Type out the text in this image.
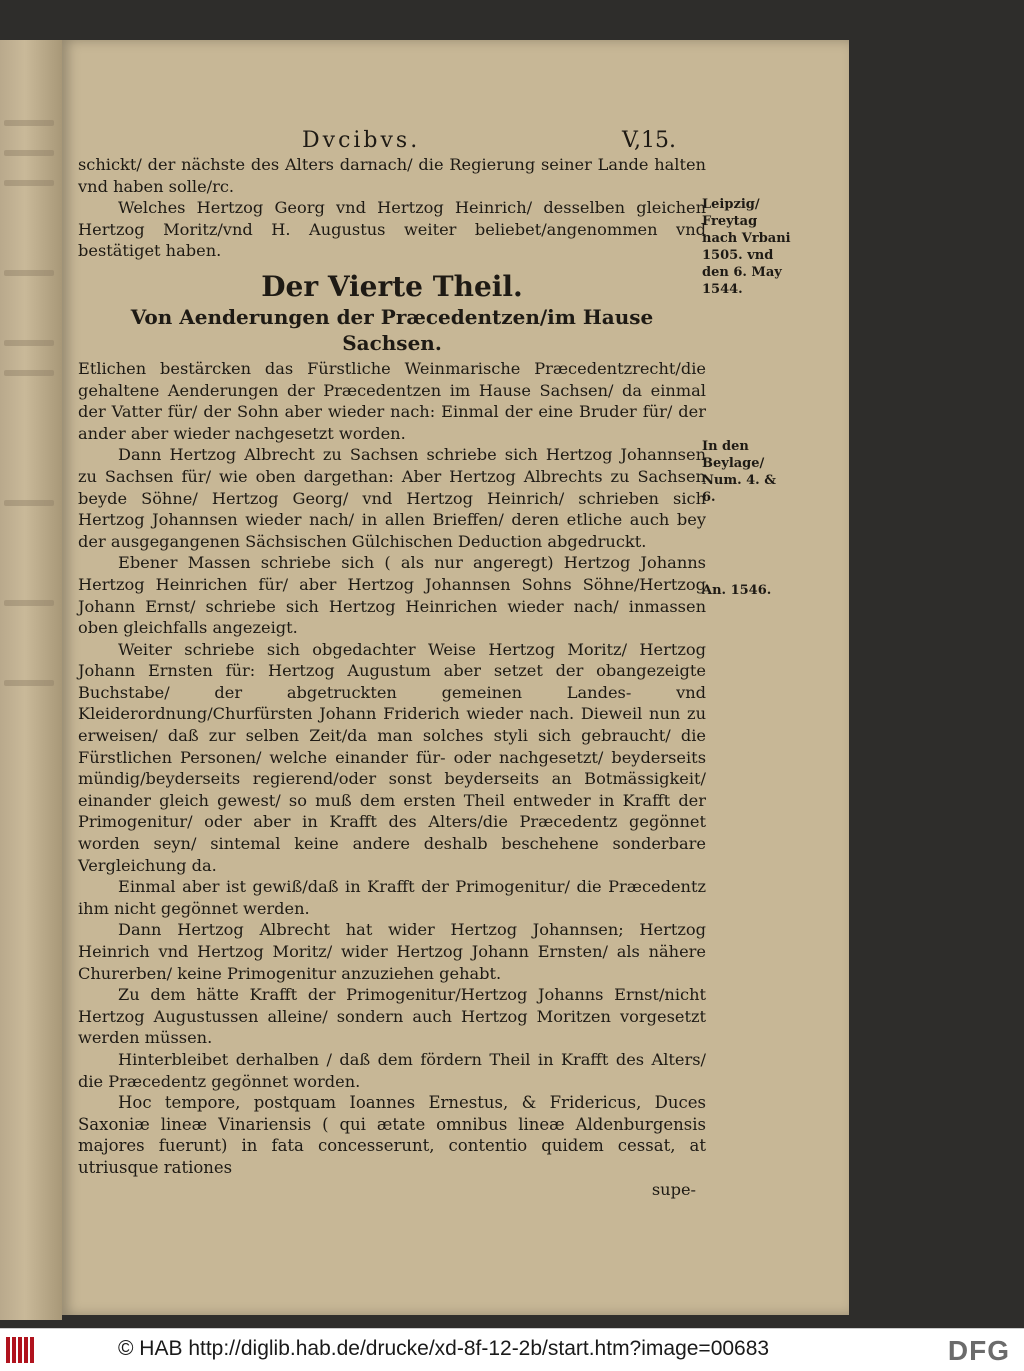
Dvcibvs.	V,15.

schickt/ der nächste des Alters darnach/ die Regierung seiner Lande halten vnd haben solle/rc.

Welches Hertzog Georg vnd Hertzog Heinrich/ desselben gleichen Hertzog Moritz/vnd H. Augustus weiter beliebet/angenommen vnd bestätiget haben.

Der Vierte Theil.
Von Aenderungen der Præcedentzen/im Hause Sachsen.

Etlichen bestärcken das Fürstliche Weinmarische Præcedentzrecht/die gehaltene Aenderungen der Præcedentzen im Hause Sachsen/ da einmal der Vatter für/ der Sohn aber wieder nach: Einmal der eine Bruder für/ der ander aber wieder nachgesetzt worden.

Dann Hertzog Albrecht zu Sachsen schriebe sich Hertzog Johannsen zu Sachsen für/ wie oben dargethan: Aber Hertzog Albrechts zu Sachsen beyde Söhne/ Hertzog Georg/ vnd Hertzog Heinrich/ schrieben sich Hertzog Johannsen wieder nach/ in allen Brieffen/ deren etliche auch bey der ausgegangenen Sächsischen Gülchischen Deduction abgedruckt.

Ebener Massen schriebe sich ( als nur angeregt) Hertzog Johanns Hertzog Heinrichen für/ aber Hertzog Johannsen Sohns Söhne/Hertzog Johann Ernst/ schriebe sich Hertzog Heinrichen wieder nach/ inmassen oben gleichfalls angezeigt.

Weiter schriebe sich obgedachter Weise Hertzog Moritz/ Hertzog Johann Ernsten für: Hertzog Augustum aber setzet der obangezeigte Buchstabe/ der abgetruckten gemeinen Landes- vnd Kleiderordnung/Churfürsten Johann Friderich wieder nach. Dieweil nun zu erweisen/ daß zur selben Zeit/da man solches styli sich gebraucht/ die Fürstlichen Personen/ welche einander für- oder nachgesetzt/ beyderseits mündig/beyderseits regierend/oder sonst beyderseits an Botmässigkeit/ einander gleich gewest/ so muß dem ersten Theil entweder in Krafft der Primogenitur/ oder aber in Krafft des Alters/die Præcedentz gegönnet worden seyn/ sintemal keine andere deshalb beschehene sonderbare Vergleichung da.

Einmal aber ist gewiß/daß in Krafft der Primogenitur/ die Præcedentz ihm nicht gegönnet werden.

Dann Hertzog Albrecht hat wider Hertzog Johannsen; Hertzog Heinrich vnd Hertzog Moritz/ wider Hertzog Johann Ernsten/ als nähere Churerben/ keine Primogenitur anzuziehen gehabt.

Zu dem hätte Krafft der Primogenitur/Hertzog Johanns Ernst/nicht Hertzog Augustussen alleine/ sondern auch Hertzog Moritzen vorgesetzt werden müssen.

Hinterbleibet derhalben / daß dem fördern Theil in Krafft des Alters/ die Præcedentz gegönnet worden.

Hoc tempore, postquam Ioannes Ernestus, & Fridericus, Duces Saxoniæ lineæ Vinariensis ( qui ætate omnibus lineæ Aldenburgensis majores fuerunt) in fata concesserunt, contentio quidem cessat, at utriusque rationes

supe-

Leipzig/ Freytag nach Vrbani 1505. vnd den 6. May 1544.
In den Beylage/ Num. 4. & 6.
An. 1546.
© HAB http://diglib.hab.de/drucke/xd-8f-12-2b/start.htm?image=00683	DFG
